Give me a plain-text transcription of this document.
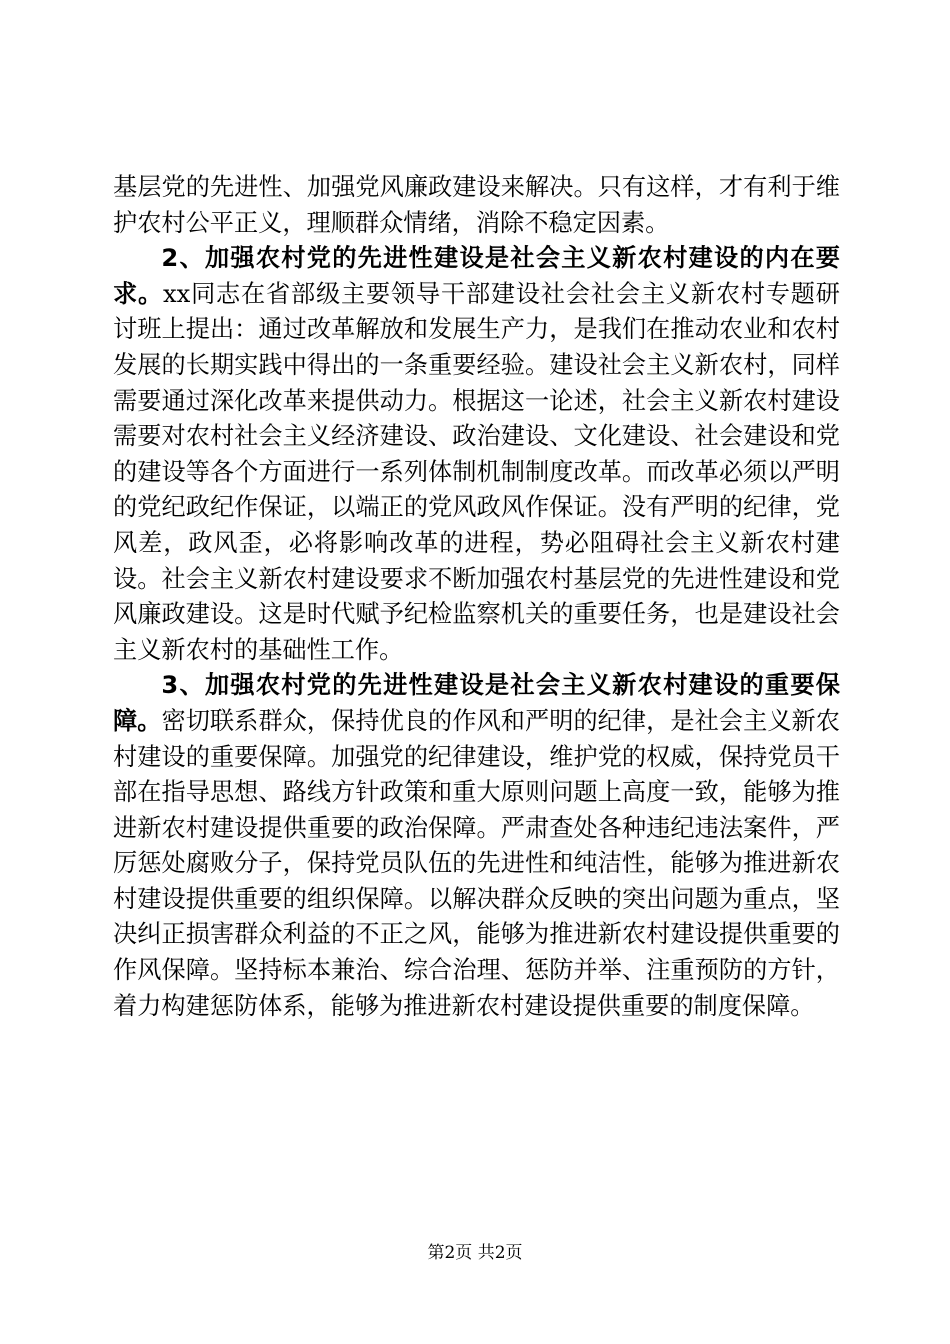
基层党的先进性、加强党风廉政建设来解决。只有这样，才有利于维护农村公平正义，理顺群众情绪，消除不稳定因素。

2、加强农村党的先进性建设是社会主义新农村建设的内在要求。xx同志在省部级主要领导干部建设社会社会主义新农村专题研讨班上提出：通过改革解放和发展生产力，是我们在推动农业和农村发展的长期实践中得出的一条重要经验。建设社会主义新农村，同样需要通过深化改革来提供动力。根据这一论述，社会主义新农村建设需要对农村社会主义经济建设、政治建设、文化建设、社会建设和党的建设等各个方面进行一系列体制机制制度改革。而改革必须以严明的党纪政纪作保证，以端正的党风政风作保证。没有严明的纪律，党风差，政风歪，必将影响改革的进程，势必阻碍社会主义新农村建设。社会主义新农村建设要求不断加强农村基层党的先进性建设和党风廉政建设。这是时代赋予纪检监察机关的重要任务，也是建设社会主义新农村的基础性工作。

3、加强农村党的先进性建设是社会主义新农村建设的重要保障。密切联系群众，保持优良的作风和严明的纪律，是社会主义新农村建设的重要保障。加强党的纪律建设，维护党的权威，保持党员干部在指导思想、路线方针政策和重大原则问题上高度一致，能够为推进新农村建设提供重要的政治保障。严肃查处各种违纪违法案件，严厉惩处腐败分子，保持党员队伍的先进性和纯洁性，能够为推进新农村建设提供重要的组织保障。以解决群众反映的突出问题为重点，坚决纠正损害群众利益的不正之风，能够为推进新农村建设提供重要的作风保障。坚持标本兼治、综合治理、惩防并举、注重预防的方针，着力构建惩防体系，能够为推进新农村建设提供重要的制度保障。

第2页 共2页
